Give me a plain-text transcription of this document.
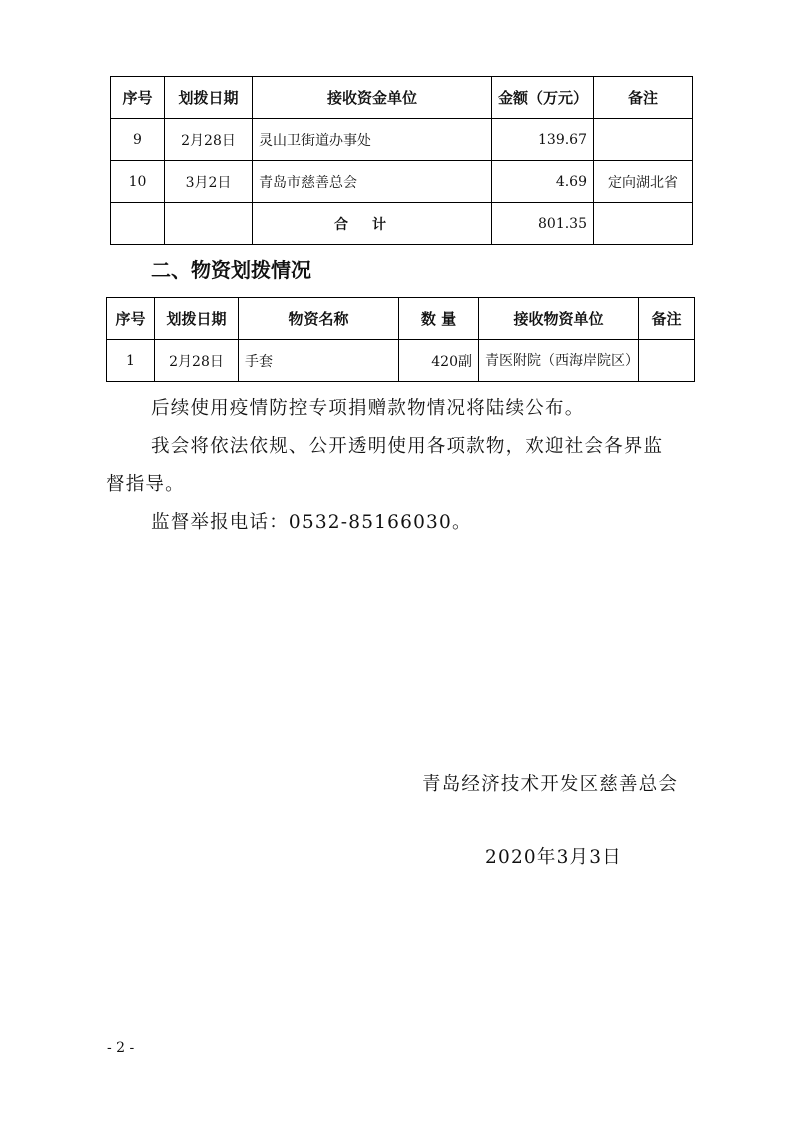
序号	划拨日期	接收资金单位	金额（万元）	备注
9	2月28日	灵山卫街道办事处	139.67	
10	3月2日	青岛市慈善总会	4.69	定向湖北省
		合计	801.35	
二、物资划拨情况
序号	划拨日期	物资名称	数 量	接收物资单位	备注
1	2月28日	手套	420副	青医附院（西海岸院区）	
后续使用疫情防控专项捐赠款物情况将陆续公布。
我会将依法依规、公开透明使用各项款物，欢迎社会各界监
督指导。
监督举报电话：0532-85166030。
青岛经济技术开发区慈善总会
2020年3月3日
- 2 -
